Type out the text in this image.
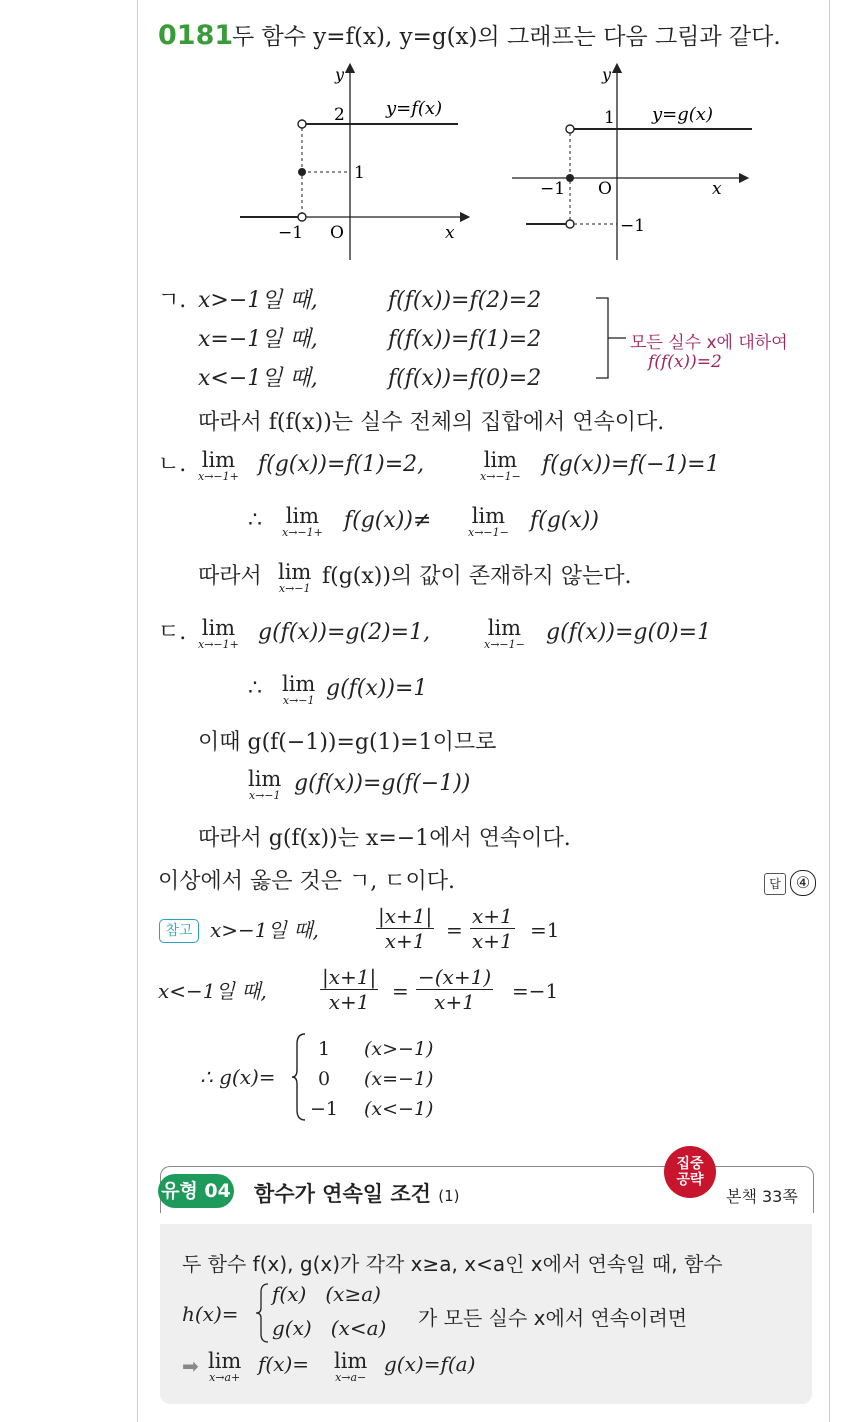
0181
두 함수 y=f(x), y=g(x)의 그래프는 다음 그림과 같다.
y
2
1
−1 O	x
y=f(x)
y
1
−1 O
−1
x
y=g(x)
ㄱ. x>−1일 때,	f(f(x))=f(2)=2
x=−1일 때,	f(f(x))=f(1)=2
x<−1일 때,	f(f(x))=f(0)=2
모든 실수 x에 대하여
f(f(x))=2
따라서 f(f(x))는 실수 전체의 집합에서 연속이다.
ㄴ. lim
x→−1+ f(g(x))=f(1)=2,	lim
x→−1− f(g(x))=f(−1)=1
∴ lim
x→−1+ f(g(x))≠ lim
x→−1− f(g(x))
따라서 lim
x→−1 f(g(x))의 값이 존재하지 않는다.
ㄷ. lim
x→−1+ g(f(x))=g(2)=1,	lim
x→−1− g(f(x))=g(0)=1
∴ lim
x→−1 g(f(x))=1
이때 g(f(−1))=g(1)=1이므로
lim
x→−1 g(f(x))=g(f(−1))
따라서 g(f(x))는 x=−1에서 연속이다.
이상에서 옳은 것은 ㄱ, ㄷ이다.	답 ④
참고 x>−1일 때,	$\frac{|x+1|}{x+1} = \frac{x+1}{x+1} =1$
x<−1일 때,	$\frac{|x+1|}{x+1} = \frac{-(x+1)}{x+1} =-1$
∴ g(x)=
1 (x>−1)
0 (x=−1)
−1 (x<−1)
유형 04 함수가 연속일 조건 (1)
집중
공략
본책 33쪽
두 함수 f(x), g(x)가 각각 x≥a, x<a인 x에서 연속일 때, 함수
h(x)=
f(x)   (x≥a)
g(x)   (x<a) 가 모든 실수 x에서 연속이려면
➡ lim
x→a+
f(x)= lim
x→a−
g(x)=f(a)
